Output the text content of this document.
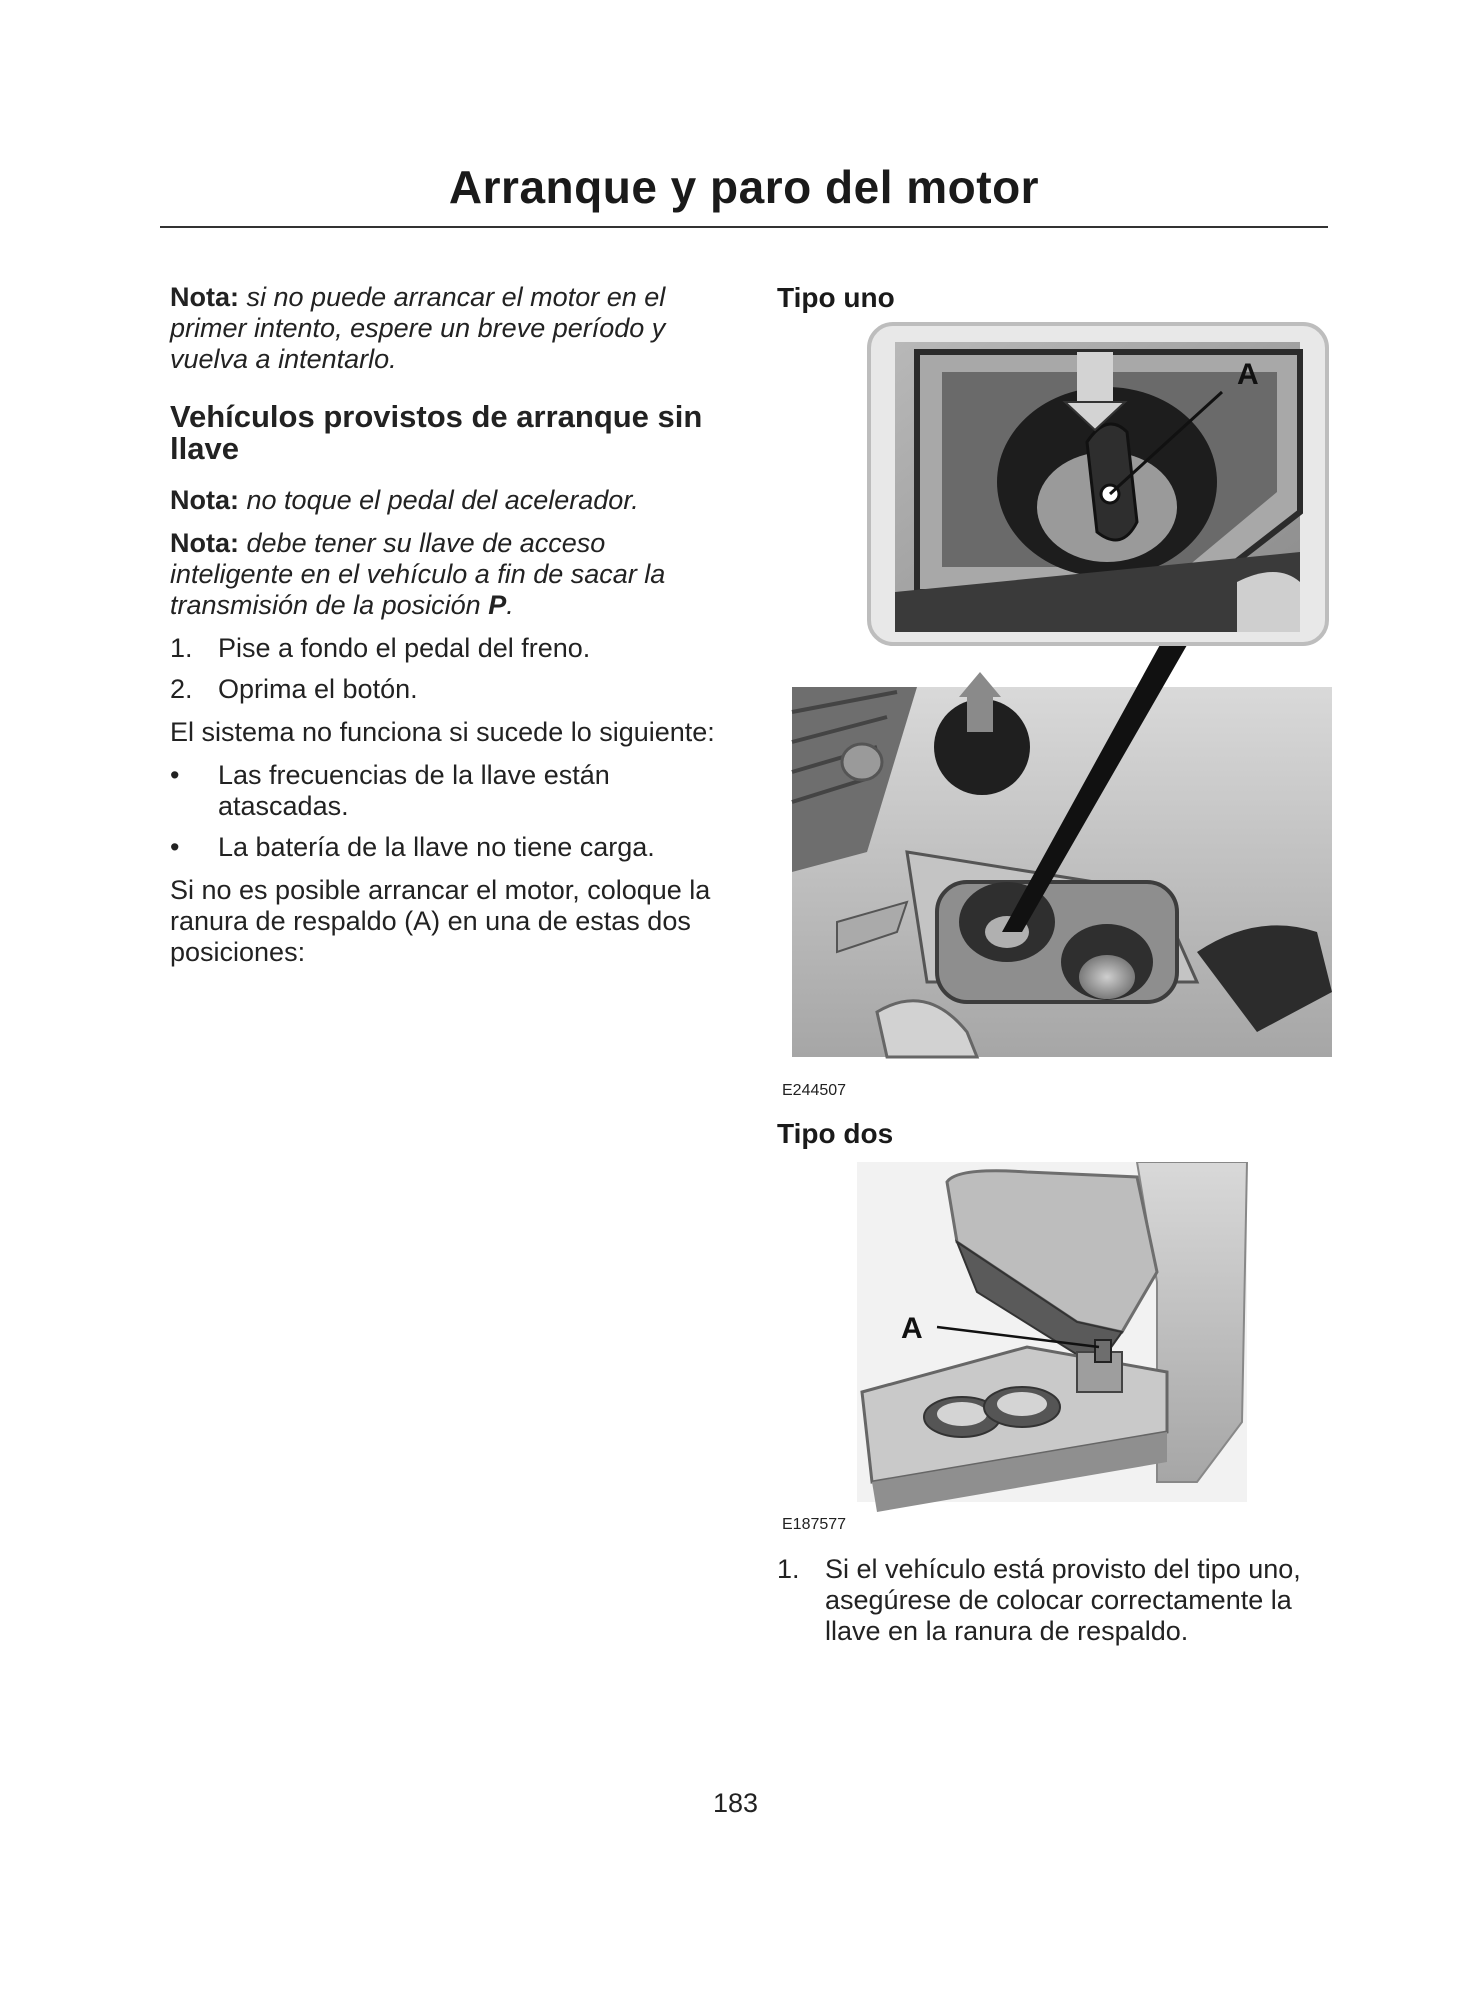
Arranque y paro del motor

Nota: si no puede arrancar el motor en el primer intento, espere un breve período y vuelva a intentarlo.

Vehículos provistos de arranque sin llave

Nota: no toque el pedal del acelerador.

Nota: debe tener su llave de acceso inteligente en el vehículo a fin de sacar la transmisión de la posición P.

1. Pise a fondo el pedal del freno.
2. Oprima el botón.

El sistema no funciona si sucede lo siguiente:

•	Las frecuencias de la llave están atascadas.
•	La batería de la llave no tiene carga.

Si no es posible arrancar el motor, coloque la ranura de respaldo (A) en una de estas dos posiciones:

Tipo uno
A
E244507
Tipo dos
A
E187577
1. Si el vehículo está provisto del tipo uno, asegúrese de colocar correctamente la llave en la ranura de respaldo.
183
